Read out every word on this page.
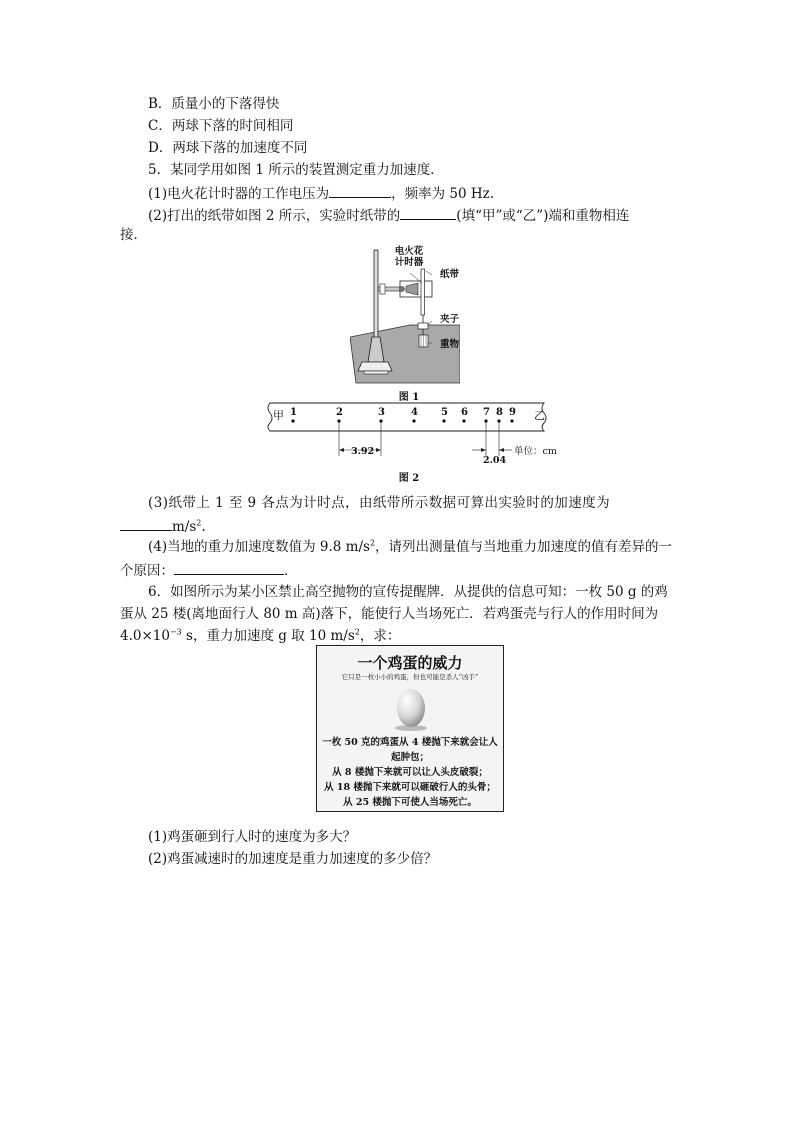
B．质量小的下落得快
C．两球下落的时间相同
D．两球下落的加速度不同
5．某同学用如图 1 所示的装置测定重力加速度．
(1)电火花计时器的工作电压为	，频率为 50 Hz.
(2)打出的纸带如图 2 所示，实验时纸带的	(填“甲”或“乙”)端和重物相连
接．
电火花
计时器
纸带
夹子
重物
图 1
甲	乙
1	2	3	4 5 6 7 8 9
3.92
2.04
单位：cm
图 2
(3)纸带上 1 至 9 各点为计时点，由纸带所示数据可算出实验时的加速度为
$m/s^2$.
(4)当地的重力加速度数值为 9.8 $m/s^2$，请列出测量值与当地重力加速度的值有差异的一
个原因：	．
6．如图所示为某小区禁止高空抛物的宣传提醒牌．从提供的信息可知：一枚 50 g 的鸡
蛋从 25 楼(离地面行人 80 m 高)落下，能使行人当场死亡．若鸡蛋壳与行人的作用时间为
$4.0\times 10^{-3}$ s，重力加速度 g 取 10 $m/s^2$，求：
一个鸡蛋的威力
它只是一枚小小的鸡蛋，但也可能是杀人“凶手”
一枚 50 克的鸡蛋从 4 楼抛下来就会让人
起肿包；
从 8 楼抛下来就可以让人头皮破裂；
从 18 楼抛下来就可以砸破行人的头骨；
从 25 楼抛下可使人当场死亡。
(1)鸡蛋砸到行人时的速度为多大？
(2)鸡蛋减速时的加速度是重力加速度的多少倍？
